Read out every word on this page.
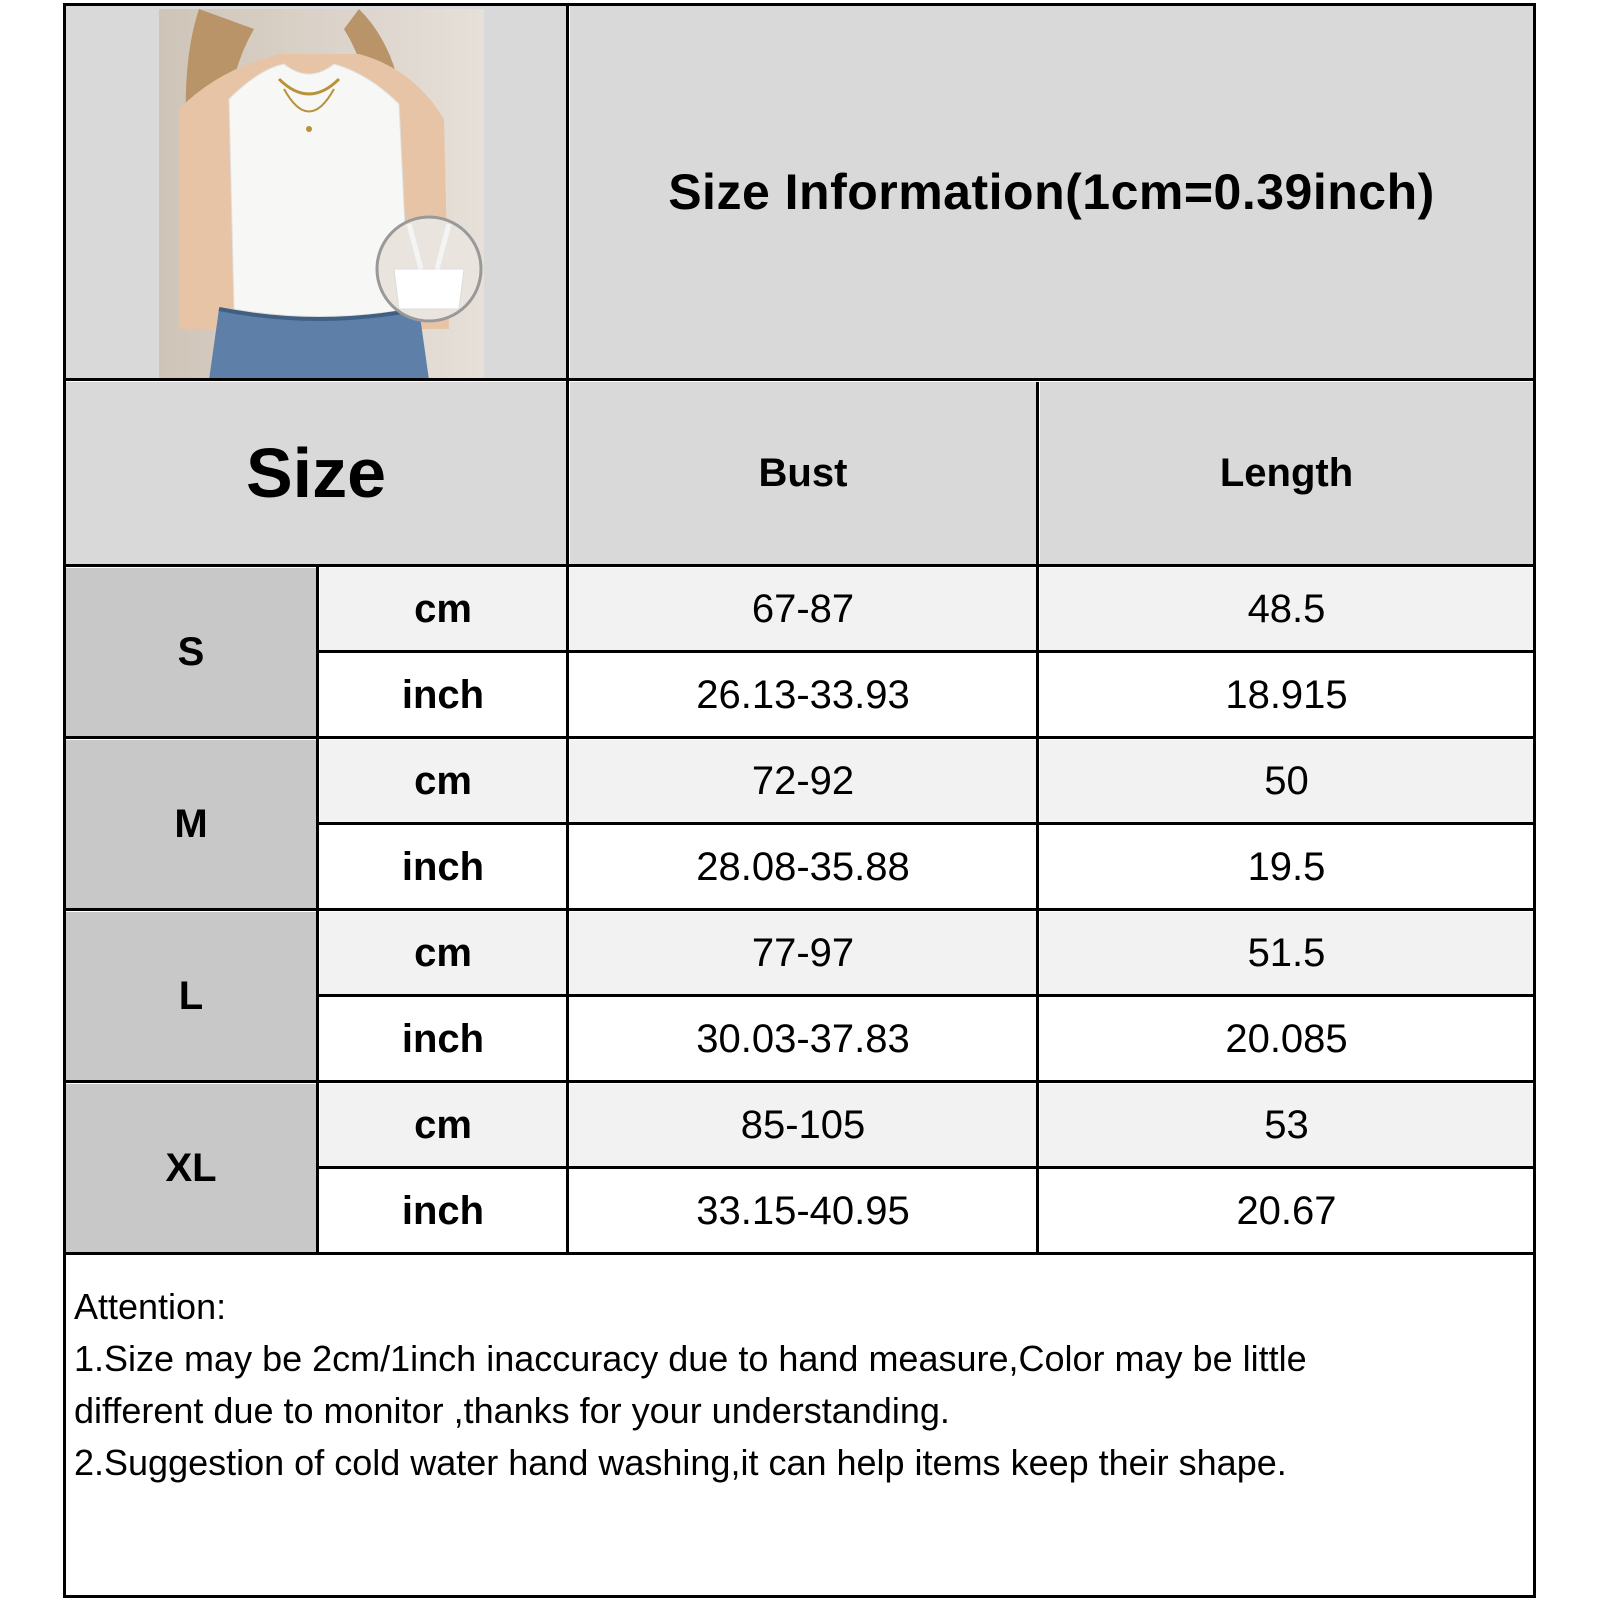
Size Information(1cm=0.39inch)
Size	Bust	Length
S
cm	67-87	48.5
inch	26.13-33.93	18.915
M
cm	72-92	50
inch	28.08-35.88	19.5
L
cm	77-97	51.5
inch	30.03-37.83	20.085
XL
cm	85-105	53
inch	33.15-40.95	20.67
Attention:
1.Size may be 2cm/1inch inaccuracy due to hand measure,Color may be little
different due to monitor ,thanks for your understanding.
2.Suggestion of cold water hand washing,it can help items keep their shape.
